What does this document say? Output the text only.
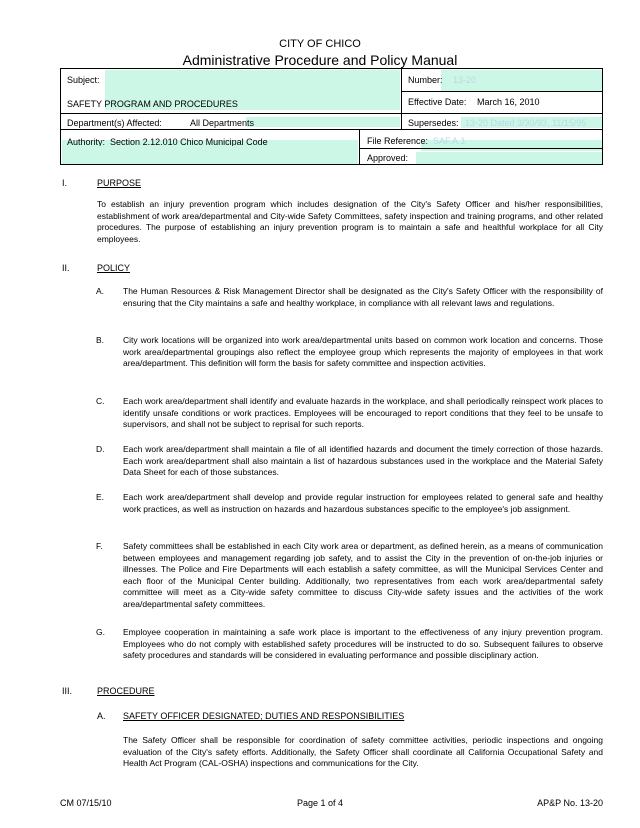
CITY OF CHICO
Administrative Procedure and Policy Manual
Subject:
SAFETY PROGRAM AND PROCEDURES
Number: 13-20
Effective Date: March 16, 2010
Department(s) Affected:	All Departments	Supersedes: 13-20 Dated 3/30/93, 11/15/95
Authority: Section 2.12.010 Chico Municipal Code	File Reference: SAF.A.1
Approved:
I.	PURPOSE
To establish an injury prevention program which includes designation of the City's Safety Officer and his/her responsibilities, establishment of work area/departmental and City-wide Safety Committees, safety inspection and training programs, and other related procedures. The purpose of establishing an injury prevention program is to maintain a safe and healthful workplace for all City employees.
II.	POLICY
A. The Human Resources & Risk Management Director shall be designated as the City's Safety Officer with the responsibility of ensuring that the City maintains a safe and healthy workplace, in compliance with all relevant laws and regulations.
B. City work locations will be organized into work area/departmental units based on common work location and concerns. Those work area/departmental groupings also reflect the employee group which represents the majority of employees in that work area/department. This definition will form the basis for safety committee and inspection activities.
C. Each work area/department shall identify and evaluate hazards in the workplace, and shall periodically reinspect work places to identify unsafe conditions or work practices. Employees will be encouraged to report conditions that they feel to be unsafe to supervisors, and shall not be subject to reprisal for such reports.
D. Each work area/department shall maintain a file of all identified hazards and document the timely correction of those hazards. Each work area/department shall also maintain a list of hazardous substances used in the workplace and the Material Safety Data Sheet for each of those substances.
E. Each work area/department shall develop and provide regular instruction for employees related to general safe and healthy work practices, as well as instruction on hazards and hazardous substances specific to the employee's job assignment.
F. Safety committees shall be established in each City work area or department, as defined herein, as a means of communication between employees and management regarding job safety, and to assist the City in the prevention of on-the-job injuries or illnesses. The Police and Fire Departments will each establish a safety committee, as will the Municipal Services Center and each floor of the Municipal Center building. Additionally, two representatives from each work area/departmental safety committee will meet as a City-wide safety committee to discuss City-wide safety issues and the activities of the work area/departmental safety committees.
G. Employee cooperation in maintaining a safe work place is important to the effectiveness of any injury prevention program. Employees who do not comply with established safety procedures will be instructed to do so. Subsequent failures to observe safety procedures and standards will be considered in evaluating performance and possible disciplinary action.
III.	PROCEDURE
A. SAFETY OFFICER DESIGNATED; DUTIES AND RESPONSIBILITIES
The Safety Officer shall be responsible for coordination of safety committee activities, periodic inspections and ongoing evaluation of the City's safety efforts. Additionally, the Safety Officer shall coordinate all California Occupational Safety and Health Act Program (CAL-OSHA) inspections and communications for the City.
CM 07/15/10	Page 1 of 4	AP&P No. 13-20
